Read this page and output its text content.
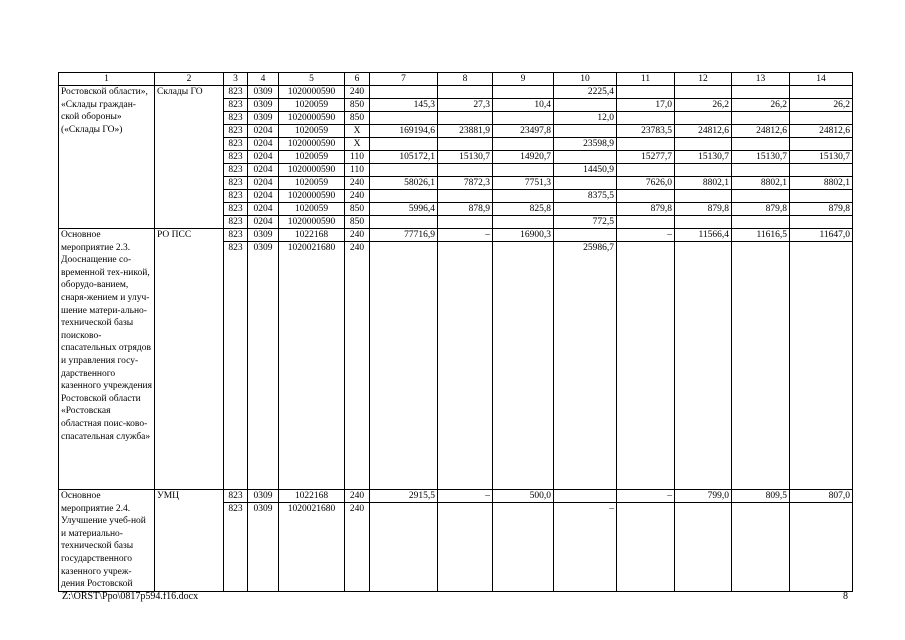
1	2	3	4	5	6	7	8	9	10	11	12	13	14
Ростовской области», «Склады граждан-ской обороны» («Склады ГО»)	Склады ГО	823	0309	1020000590	240				2225,4				
		823	0309	1020059	850	145,3	27,3	10,4		17,0	26,2	26,2	26,2
		823	0309	1020000590	850				12,0				
		823	0204	1020059	Х	169194,6	23881,9	23497,8		23783,5	24812,6	24812,6	24812,6
		823	0204	1020000590	Х				23598,9				
		823	0204	1020059	110	105172,1	15130,7	14920,7		15277,7	15130,7	15130,7	15130,7
		823	0204	1020000590	110				14450,9				
		823	0204	1020059	240	58026,1	7872,3	7751,3		7626,0	8802,1	8802,1	8802,1
		823	0204	1020000590	240				8375,5				
		823	0204	1020059	850	5996,4	878,9	825,8		879,8	879,8	879,8	879,8
		823	0204	1020000590	850				772,5				
Основное мероприятие 2.3. Дооснащение со-временной тех-никой, оборудо-ванием, снаря-жением и улуч-шение матери-ально-технической базы поисково-спасательных отрядов и управления госу-дарственного казенного учреждения Ростовской области «Ростовская областная поис-ково-спасательная служба»	РО ПСС	823	0309	1022168	240	77716,9	–	16900,3		–	11566,4	11616,5	11647,0
		823	0309	1020021680	240				25986,7				
Основное мероприятие 2.4. Улучшение учеб-ной и материально-технической базы государственного казенного учреж-дения Ростовской	УМЦ	823	0309	1022168	240	2915,5	–	500,0		–	799,0	809,5	807,0
		823	0309	1020021680	240				–				
Z:\ORST\Ppo\0817p594.f16.docx	8
